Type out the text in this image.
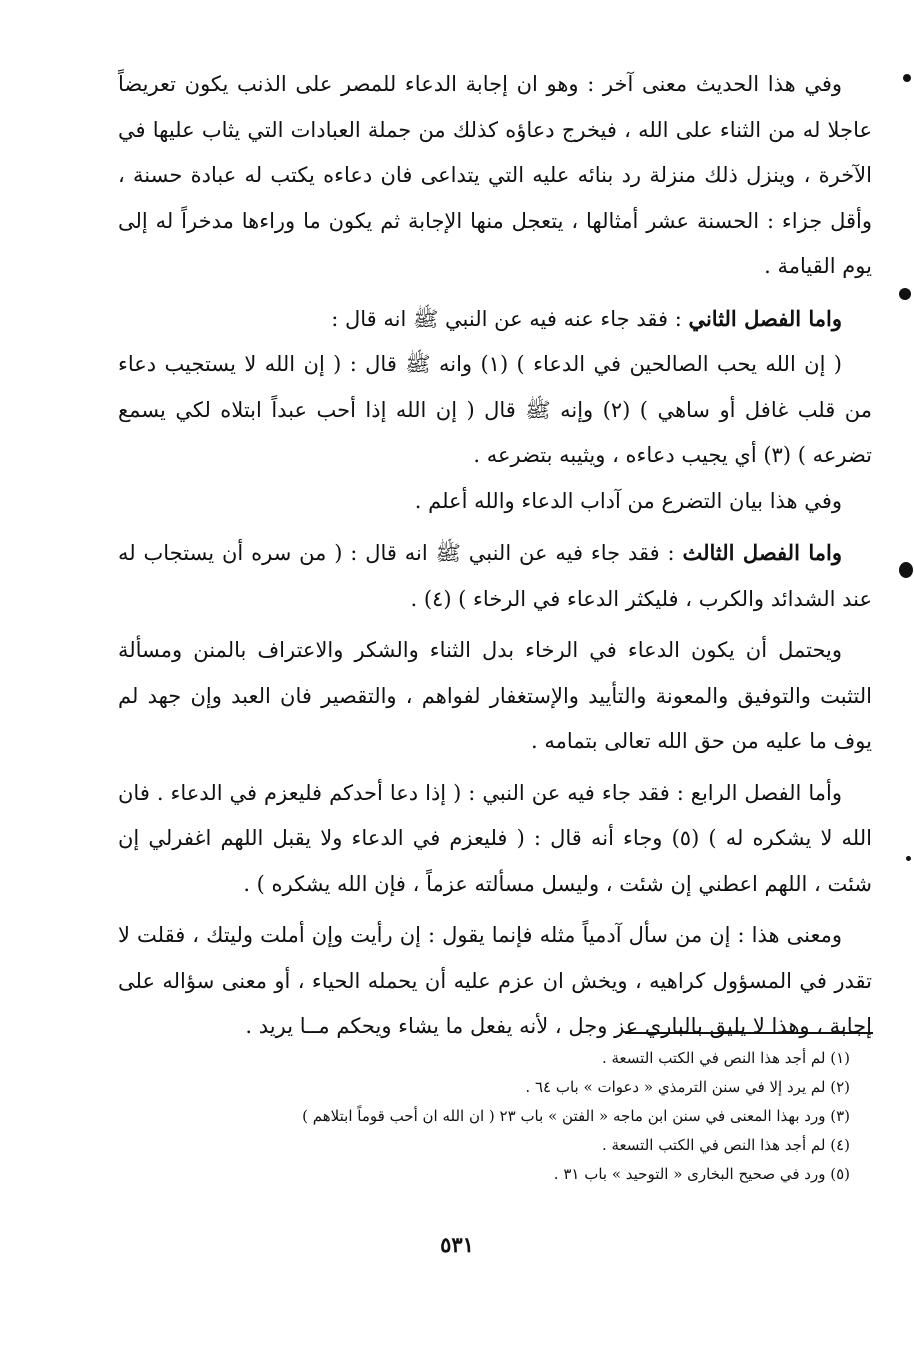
وفي هذا الحديث معنى آخر : وهو ان إجابة الدعاء للمصر على الذنب يكون تعريضاً عاجلا له من الثناء على الله ، فيخرج دعاؤه كذلك من جملة العبادات التي يثاب عليها في الآخرة ، وينزل ذلك منزلة رد بنائه عليه التي يتداعى فان دعاءه يكتب له عبادة حسنة ، وأقل جزاء : الحسنة عشر أمثالها ، يتعجل منها الإجابة ثم يكون ما وراءها مدخراً له إلى يوم القيامة .

واما الفصل الثاني : فقد جاء عنه فيه عن النبي ﷺ انه قال :

( إن الله يحب الصالحين في الدعاء ) (١) وانه ﷺ قال : ( إن الله لا يستجيب دعاء من قلب غافل أو ساهي ) (٢) وإنه ﷺ قال ( إن الله إذا أحب عبداً ابتلاه لكي يسمع تضرعه ) (٣) أي يجيب دعاءه ، ويثيبه بتضرعه .

وفي هذا بيان التضرع من آداب الدعاء والله أعلم .

واما الفصل الثالث : فقد جاء فيه عن النبي ﷺ انه قال : ( من سره أن يستجاب له عند الشدائد والكرب ، فليكثر الدعاء في الرخاء ) (٤) .

ويحتمل أن يكون الدعاء في الرخاء بدل الثناء والشكر والاعتراف بالمنن ومسألة التثبت والتوفيق والمعونة والتأييد والإستغفار لفواهم ، والتقصير فان العبد وإن جهد لم يوف ما عليه من حق الله تعالى بتمامه .

وأما الفصل الرابع : فقد جاء فيه عن النبي : ( إذا دعا أحدكم فليعزم في الدعاء . فان الله لا يشكره له ) (٥) وجاء أنه قال : ( فليعزم في الدعاء ولا يقبل اللهم اغفرلي إن شئت ، اللهم اعطني إن شئت ، وليسل مسألته عزماً ، فإن الله يشكره ) .

ومعنى هذا : إن من سأل آدمياً مثله فإنما يقول : إن رأيت وإن أملت وليتك ، فقلت لا تقدر في المسؤول كراهيه ، ويخش ان عزم عليه أن يحمله الحياء ، أو معنى سؤاله على إجابة ، وهذا لا يليق بالباري عز وجل ، لأنه يفعل ما يشاء ويحكم مــا يريد .

(١) لم أجد هذا النص في الكتب التسعة .

(٢) لم يرد إلا في سنن الترمذي « دعوات » باب ٦٤ .

(٣) ورد بهذا المعنى في سنن ابن ماجه « الفتن » باب ٢٣ ( ان الله ان أحب قوماً ابتلاهم )

(٤) لم أجد هذا النص في الكتب التسعة .

(٥) ورد في صحيح البخارى « التوحيد » باب ٣١ .

٥٣١
